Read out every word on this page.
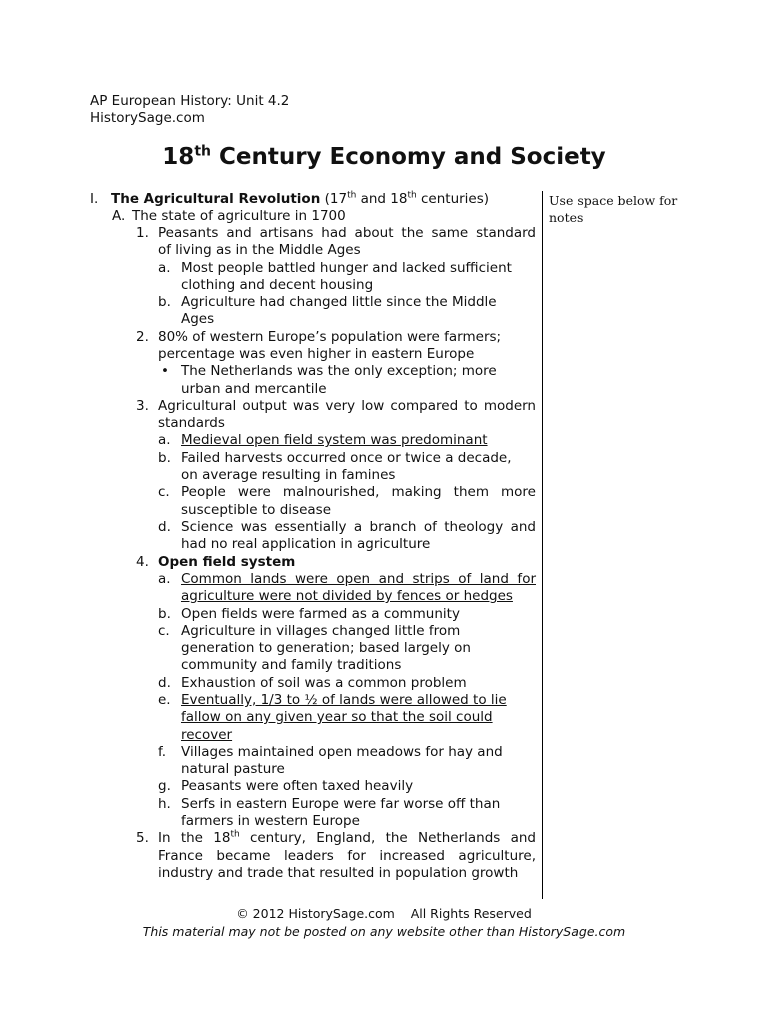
AP European History: Unit 4.2
HistorySage.com
18th Century Economy and Society
I. The Agricultural Revolution (17th and 18th centuries)	Use space below for notes
A. The state of agriculture in 1700
1. Peasants and artisans had about the same standard
of living as in the Middle Ages
a. Most people battled hunger and lacked sufficient
clothing and decent housing
b. Agriculture had changed little since the Middle
Ages
2. 80% of western Europe’s population were farmers;
percentage was even higher in eastern Europe
• The Netherlands was the only exception; more
urban and mercantile
3. Agricultural output was very low compared to modern
standards
a. Medieval open field system was predominant
b. Failed harvests occurred once or twice a decade,
on average resulting in famines
c. People were malnourished, making them more
susceptible to disease
d. Science was essentially a branch of theology and
had no real application in agriculture
4. Open field system
a. Common lands were open and strips of land for
agriculture were not divided by fences or hedges
b. Open fields were farmed as a community
c. Agriculture in villages changed little from
generation to generation; based largely on
community and family traditions
d. Exhaustion of soil was a common problem
e. Eventually, 1/3 to ½ of lands were allowed to lie
fallow on any given year so that the soil could
recover
f. Villages maintained open meadows for hay and
natural pasture
g. Peasants were often taxed heavily
h. Serfs in eastern Europe were far worse off than
farmers in western Europe
5. In the 18th century, England, the Netherlands and
France became leaders for increased agriculture,
industry and trade that resulted in population growth
© 2012 HistorySage.com    All Rights Reserved
This material may not be posted on any website other than HistorySage.com
